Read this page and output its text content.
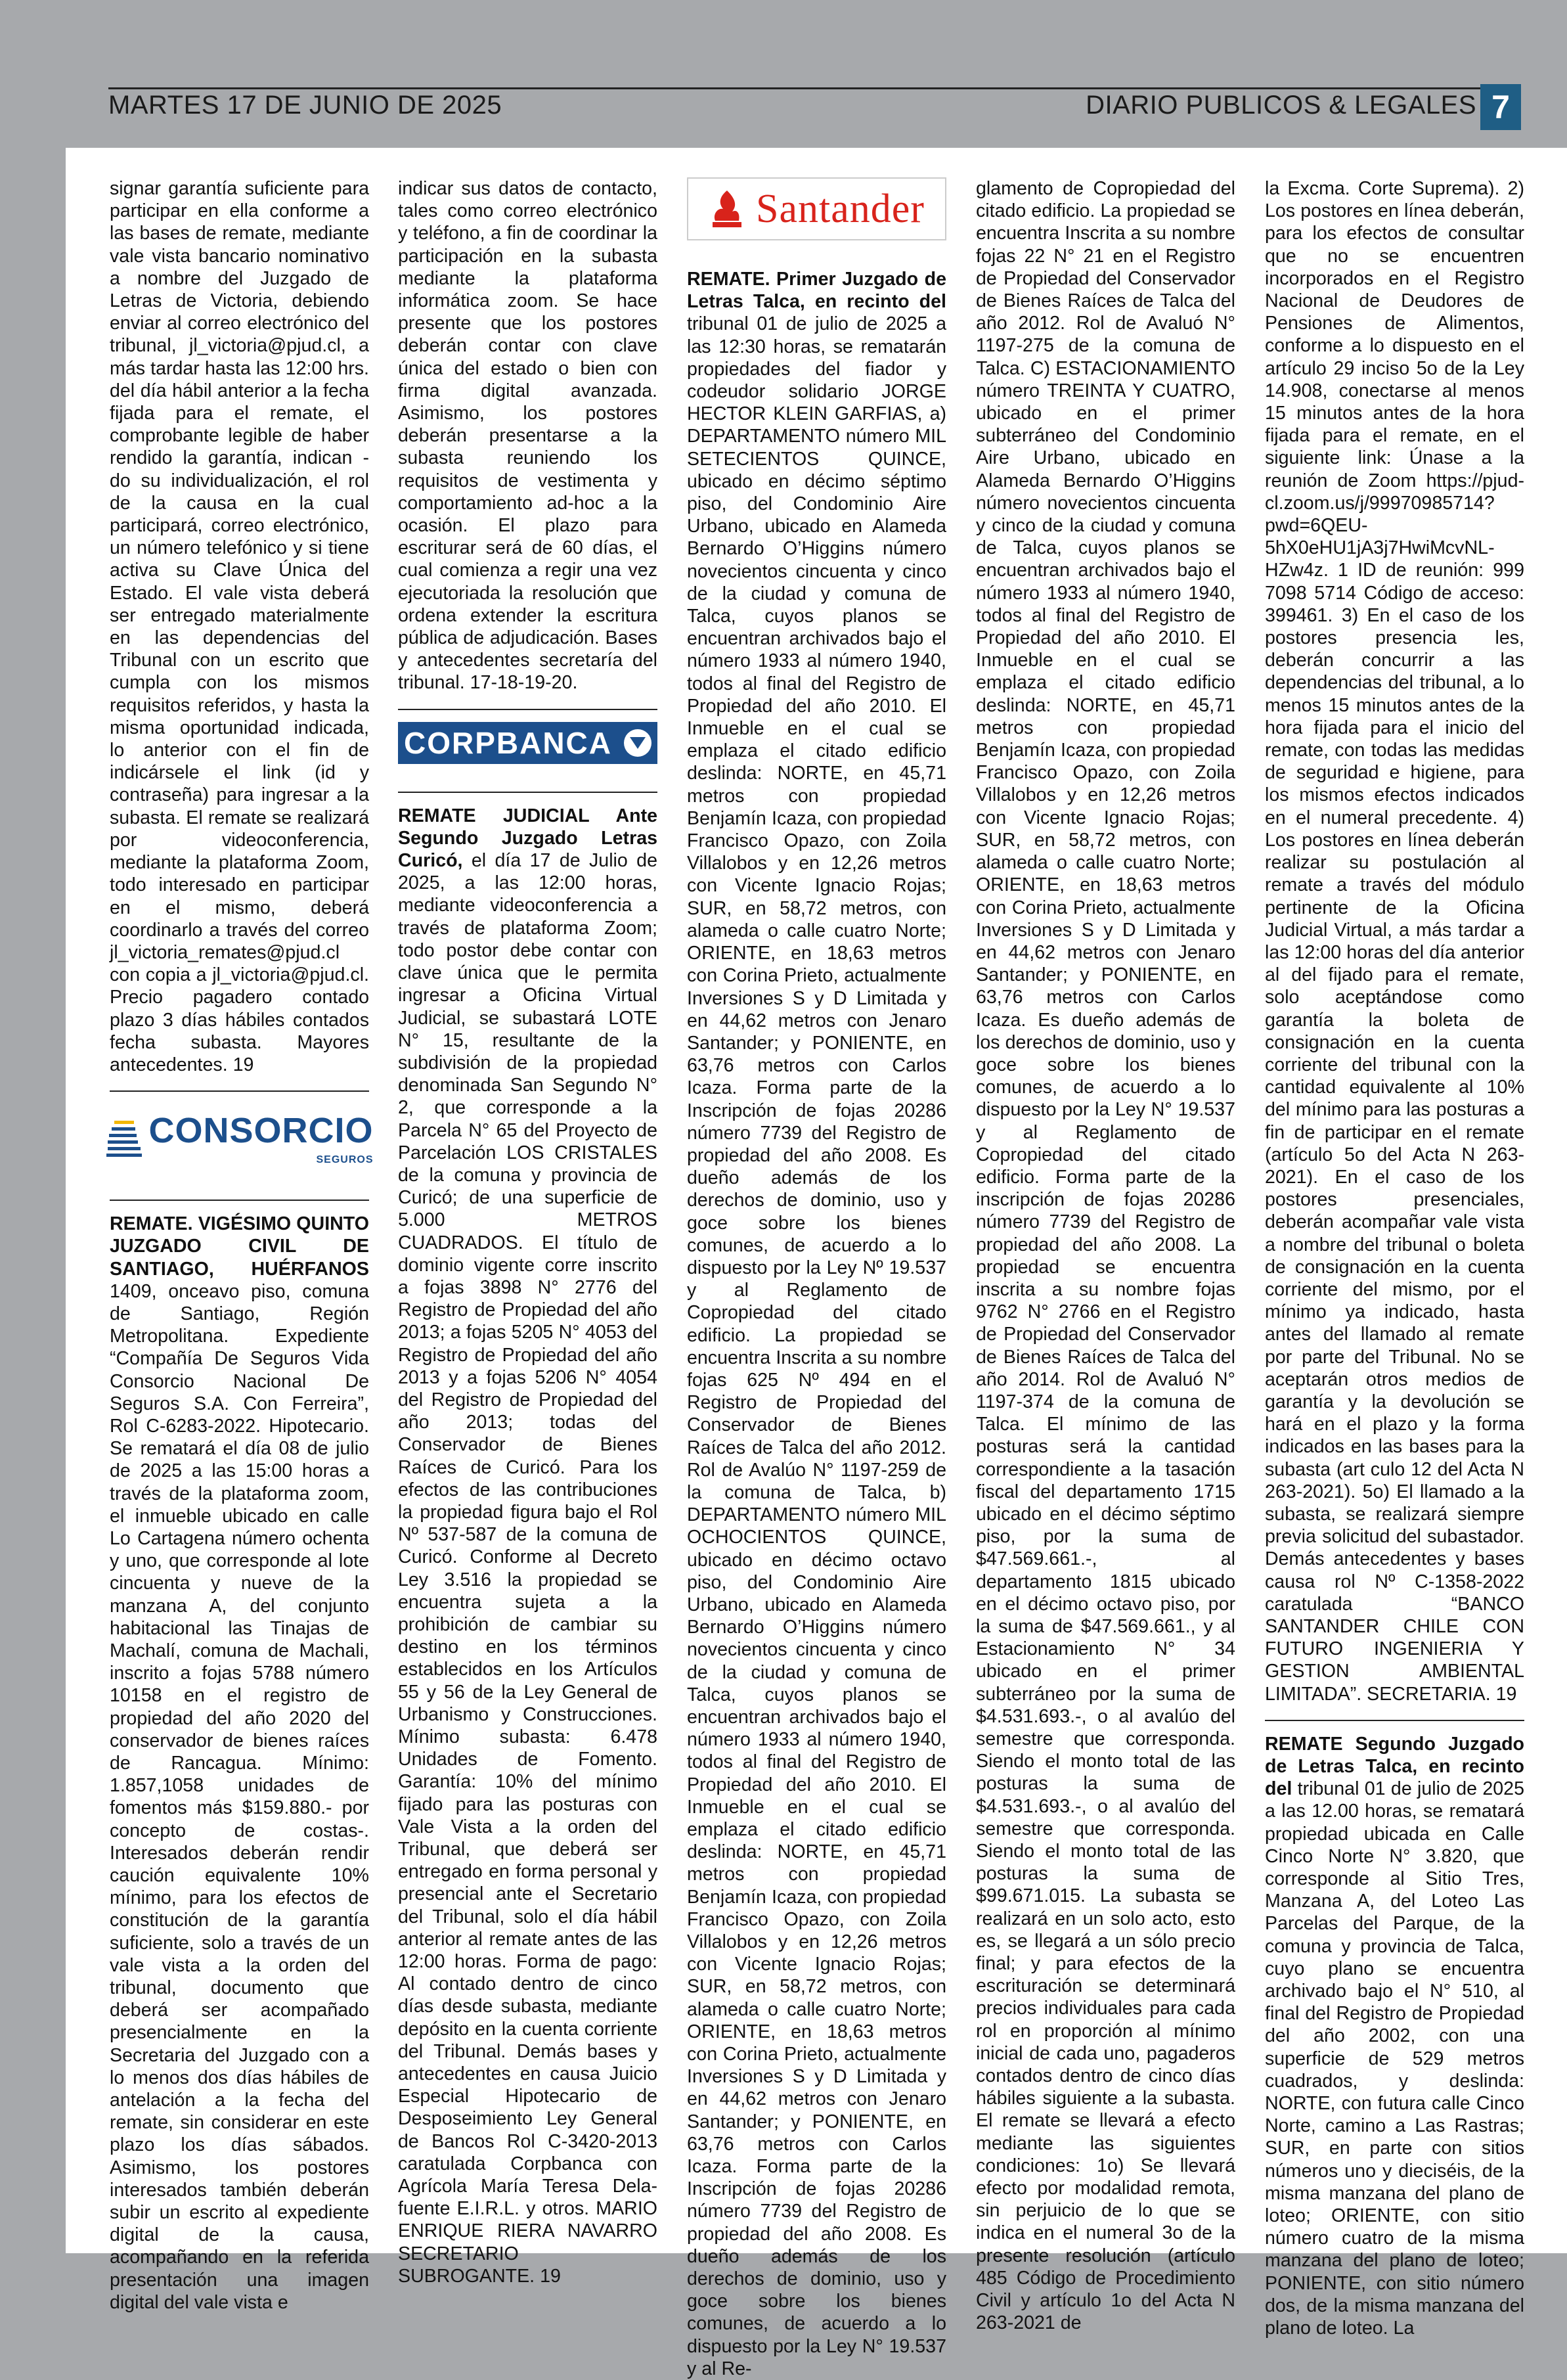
MARTES 17 DE JUNIO DE 2025	DIARIO PUBLICOS & LEGALES 7

signar garantía suficiente para participar en ella conforme a las bases de remate, mediante vale vista bancario nominativo a nombre del Juzgado de Letras de Victoria, debiendo enviar al correo electrónico del tribunal, jl_victoria@pjud.cl, a más tardar hasta las 12:00 hrs. del día hábil anterior a la fecha fijada para el remate, el comprobante legible de haber rendido la garantía, indican - do su individualización, el rol de la causa en la cual participará, correo electrónico, un número telefónico y si tiene activa su Clave Única del Estado. El vale vista deberá ser entregado materialmente en las dependencias del Tribunal con un escrito que cumpla con los mismos requisitos referidos, y hasta la misma oportunidad indicada, lo anterior con el fin de indicársele el link (id y contraseña) para ingresar a la subasta. El remate se realizará por videoconferencia, mediante la plataforma Zoom, todo interesado en participar en el mismo, deberá coordinarlo a través del correo jl_victoria_remates@pjud.cl con copia a jl_victoria@pjud.cl. Precio pagadero contado plazo 3 días hábiles contados fecha subasta. Mayores antecedentes. 19

CONSORCIO
SEGUROS

REMATE. VIGÉSIMO QUINTO JUZGADO CIVIL DE SANTIAGO, HUÉRFANOS 1409, onceavo piso, comuna de Santiago, Región Metropolitana. Expediente “Compañía De Seguros Vida Consorcio Nacional De Seguros S.A. Con Ferreira”, Rol C-6283-2022. Hipotecario. Se rematará el día 08 de julio de 2025 a las 15:00 horas a través de la plataforma zoom, el inmueble ubicado en calle Lo Cartagena número ochenta y uno, que corresponde al lote cincuenta y nueve de la manzana A, del conjunto habitacional las Tinajas de Machalí, comuna de Machali, inscrito a fojas 5788 número 10158 en el registro de propiedad del año 2020 del conservador de bienes raíces de Rancagua. Mínimo: 1.857,1058 unidades de fomentos más $159.880.- por concepto de costas-. Interesados deberán rendir caución equivalente 10% mínimo, para los efectos de constitución de la garantía suficiente, solo a través de un vale vista a la orden del tribunal, documento que deberá ser acompañado presencialmente en la Secretaria del Juzgado con a lo menos dos días hábiles de antelación a la fecha del remate, sin considerar en este plazo los días sábados. Asimismo, los postores interesados también deberán subir un escrito al expediente digital de la causa, acompañando en la referida presentación una imagen digital del vale vista e

indicar sus datos de contacto, tales como correo electrónico y teléfono, a fin de coordinar la participación en la subasta mediante la plataforma informática zoom. Se hace presente que los postores deberán contar con clave única del estado o bien con firma digital avanzada. Asimismo, los postores deberán presentarse a la subasta reuniendo los requisitos de vestimenta y comportamiento ad-hoc a la ocasión. El plazo para escriturar será de 60 días, el cual comienza a regir una vez ejecutoriada la resolución que ordena extender la escritura pública de adjudicación. Bases y antecedentes secretaría del tribunal. 17-18-19-20.

CORPBANCA

REMATE JUDICIAL Ante Segundo Juzgado Letras Curicó, el día 17 de Julio de 2025, a las 12:00 horas, mediante videoconferencia a través de plataforma Zoom; todo postor debe contar con clave única que le permita ingresar a Oficina Virtual Judicial, se subastará LOTE N° 15, resultante de la subdivisión de la propiedad denominada San Segundo N° 2, que corresponde a la Parcela N° 65 del Proyecto de Parcelación LOS CRISTALES de la comuna y provincia de Curicó; de una superficie de 5.000 METROS CUADRADOS. El título de dominio vigente corre inscrito a fojas 3898 N° 2776 del Registro de Propiedad del año 2013; a fojas 5205 N° 4053 del Registro de Propiedad del año 2013 y a fojas 5206 N° 4054 del Registro de Propiedad del año 2013; todas del Conservador de Bienes Raíces de Curicó. Para los efectos de las contribuciones la propiedad figura bajo el Rol Nº 537-587 de la comuna de Curicó. Conforme al Decreto Ley 3.516 la propiedad se encuentra sujeta a la prohibición de cambiar su destino en los términos establecidos en los Artículos 55 y 56 de la Ley General de Urbanismo y Construcciones. Mínimo subasta: 6.478 Unidades de Fomento. Garantía: 10% del mínimo fijado para las posturas con Vale Vista a la orden del Tribunal, que deberá ser entregado en forma personal y presencial ante el Secretario del Tribunal, solo el día hábil anterior al remate antes de las 12:00 horas. Forma de pago: Al contado dentro de cinco días desde subasta, mediante depósito en la cuenta corriente del Tribunal. Demás bases y antecedentes en causa Juicio Especial Hipotecario de Desposeimiento Ley General de Bancos Rol C-3420-2013 caratulada Corpbanca con Agrícola María Teresa Dela-fuente E.I.R.L. y otros. MARIO ENRIQUE RIERA NAVARRO SECRETARIO SUBROGANTE. 19

Santander

REMATE. Primer Juzgado de Letras Talca, en recinto del tribunal 01 de julio de 2025 a las 12:30 horas, se rematarán propiedades del fiador y codeudor solidario JORGE HECTOR KLEIN GARFIAS, a) DEPARTAMENTO número MIL SETECIENTOS QUINCE, ubicado en décimo séptimo piso, del Condominio Aire Urbano, ubicado en Alameda Bernardo O’Higgins número novecientos cincuenta y cinco de la ciudad y comuna de Talca, cuyos planos se encuentran archivados bajo el número 1933 al número 1940, todos al final del Registro de Propiedad del año 2010. El Inmueble en el cual se emplaza el citado edificio deslinda: NORTE, en 45,71 metros con propiedad Benjamín Icaza, con propiedad Francisco Opazo, con Zoila Villalobos y en 12,26 metros con Vicente Ignacio Rojas; SUR, en 58,72 metros, con alameda o calle cuatro Norte; ORIENTE, en 18,63 metros con Corina Prieto, actualmente Inversiones S y D Limitada y en 44,62 metros con Jenaro Santander; y PONIENTE, en 63,76 metros con Carlos Icaza. Forma parte de la Inscripción de fojas 20286 número 7739 del Registro de propiedad del año 2008. Es dueño además de los derechos de dominio, uso y goce sobre los bienes comunes, de acuerdo a lo dispuesto por la Ley Nº 19.537 y al Reglamento de Copropiedad del citado edificio. La propiedad se encuentra Inscrita a su nombre fojas 625 Nº 494 en el Registro de Propiedad del Conservador de Bienes Raíces de Talca del año 2012. Rol de Avalúo N° 1197-259 de la comuna de Talca, b) DEPARTAMENTO número MIL OCHOCIENTOS QUINCE, ubicado en décimo octavo piso, del Condominio Aire Urbano, ubicado en Alameda Bernardo O’Higgins número novecientos cincuenta y cinco de la ciudad y comuna de Talca, cuyos planos se encuentran archivados bajo el número 1933 al número 1940, todos al final del Registro de Propiedad del año 2010. El Inmueble en el cual se emplaza el citado edificio deslinda: NORTE, en 45,71 metros con propiedad Benjamín Icaza, con propiedad Francisco Opazo, con Zoila Villalobos y en 12,26 metros con Vicente Ignacio Rojas; SUR, en 58,72 metros, con alameda o calle cuatro Norte; ORIENTE, en 18,63 metros con Corina Prieto, actualmente Inversiones S y D Limitada y en 44,62 metros con Jenaro Santander; y PONIENTE, en 63,76 metros con Carlos Icaza. Forma parte de la Inscripción de fojas 20286 número 7739 del Registro de propiedad del año 2008. Es dueño además de los derechos de dominio, uso y goce sobre los bienes comunes, de acuerdo a lo dispuesto por la Ley N° 19.537 y al Re-

glamento de Copropiedad del citado edificio. La propiedad se encuentra Inscrita a su nombre fojas 22 N° 21 en el Registro de Propiedad del Conservador de Bienes Raíces de Talca del año 2012. Rol de Avaluó N° 1197-275 de la comuna de Talca. C) ESTACIONAMIENTO número TREINTA Y CUATRO, ubicado en el primer subterráneo del Condominio Aire Urbano, ubicado en Alameda Bernardo O’Higgins número novecientos cincuenta y cinco de la ciudad y comuna de Talca, cuyos planos se encuentran archivados bajo el número 1933 al número 1940, todos al final del Registro de Propiedad del año 2010. El Inmueble en el cual se emplaza el citado edificio deslinda: NORTE, en 45,71 metros con propiedad Benjamín Icaza, con propiedad Francisco Opazo, con Zoila Villalobos y en 12,26 metros con Vicente Ignacio Rojas; SUR, en 58,72 metros, con alameda o calle cuatro Norte; ORIENTE, en 18,63 metros con Corina Prieto, actualmente Inversiones S y D Limitada y en 44,62 metros con Jenaro Santander; y PONIENTE, en 63,76 metros con Carlos Icaza. Es dueño además de los derechos de dominio, uso y goce sobre los bienes comunes, de acuerdo a lo dispuesto por la Ley N° 19.537 y al Reglamento de Copropiedad del citado edificio. Forma parte de la inscripción de fojas 20286 número 7739 del Registro de propiedad del año 2008. La propiedad se encuentra inscrita a su nombre fojas 9762 N° 2766 en el Registro de Propiedad del Conservador de Bienes Raíces de Talca del año 2014. Rol de Avaluó N° 1197-374 de la comuna de Talca. El mínimo de las posturas será la cantidad correspondiente a la tasación fiscal del departamento 1715 ubicado en el décimo séptimo piso, por la suma de $47.569.661.-, al departamento 1815 ubicado en el décimo octavo piso, por la suma de $47.569.661., y al Estacionamiento N° 34 ubicado en el primer subterráneo por la suma de $4.531.693.-, o al avalúo del semestre que corresponda. Siendo el monto total de las posturas la suma de $4.531.693.-, o al avalúo del semestre que corresponda. Siendo el monto total de las posturas la suma de $99.671.015. La subasta se realizará en un solo acto, esto es, se llegará a un sólo precio final; y para efectos de la escrituración se determinará precios individuales para cada rol en proporción al mínimo inicial de cada uno, pagaderos contados dentro de cinco días hábiles siguiente a la subasta. El remate se llevará a efecto mediante las siguientes condiciones: 1o) Se llevará efecto por modalidad remota, sin perjuicio de lo que se indica en el numeral 3o de la presente resolución (artículo 485 Código de Procedimiento Civil y artículo 1o del Acta N 263-2021 de

la Excma. Corte Suprema). 2) Los postores en línea deberán, para los efectos de consultar que no se encuentren incorporados en el Registro Nacional de Deudores de Pensiones de Alimentos, conforme a lo dispuesto en el artículo 29 inciso 5o de la Ley 14.908, conectarse al menos 15 minutos antes de la hora fijada para el remate, en el siguiente link: Únase a la reunión de Zoom https://pjud-cl.zoom.us/j/99970985714?pwd=6QEU-5hX0eHU1jA3j7HwiMcvNL-HZw4z. 1 ID de reunión: 999 7098 5714 Código de acceso: 399461. 3) En el caso de los postores presencia les, deberán concurrir a las dependencias del tribunal, a lo menos 15 minutos antes de la hora fijada para el inicio del remate, con todas las medidas de seguridad e higiene, para los mismos efectos indicados en el numeral precedente. 4) Los postores en línea deberán realizar su postulación al remate a través del módulo pertinente de la Oficina Judicial Virtual, a más tardar a las 12:00 horas del día anterior al del fijado para el remate, solo aceptándose como garantía la boleta de consignación en la cuenta corriente del tribunal con la cantidad equivalente al 10% del mínimo para las posturas a fin de participar en el remate (artículo 5o del Acta N 263-2021). En el caso de los postores presenciales, deberán acompañar vale vista a nombre del tribunal o boleta de consignación en la cuenta corriente del mismo, por el mínimo ya indicado, hasta antes del llamado al remate por parte del Tribunal. No se aceptarán otros medios de garantía y la devolución se hará en el plazo y la forma indicados en las bases para la subasta (art culo 12 del Acta N 263-2021). 5o) El llamado a la subasta, se realizará siempre previa solicitud del subastador. Demás antecedentes y bases causa rol Nº C-1358-2022 caratulada “BANCO SANTANDER CHILE CON FUTURO INGENIERIA Y GESTION AMBIENTAL LIMITADA”. SECRETARIA. 19

REMATE Segundo Juzgado de Letras Talca, en recinto del tribunal 01 de julio de 2025 a las 12.00 horas, se rematará propiedad ubicada en Calle Cinco Norte N° 3.820, que corresponde al Sitio Tres, Manzana A, del Loteo Las Parcelas del Parque, de la comuna y provincia de Talca, cuyo plano se encuentra archivado bajo el N° 510, al final del Registro de Propiedad del año 2002, con una superficie de 529 metros cuadrados, y deslinda: NORTE, con futura calle Cinco Norte, camino a Las Rastras; SUR, en parte con sitios números uno y dieciséis, de la misma manzana del plano de loteo; ORIENTE, con sitio número cuatro de la misma manzana del plano de loteo; PONIENTE, con sitio número dos, de la misma manzana del plano de loteo. La
